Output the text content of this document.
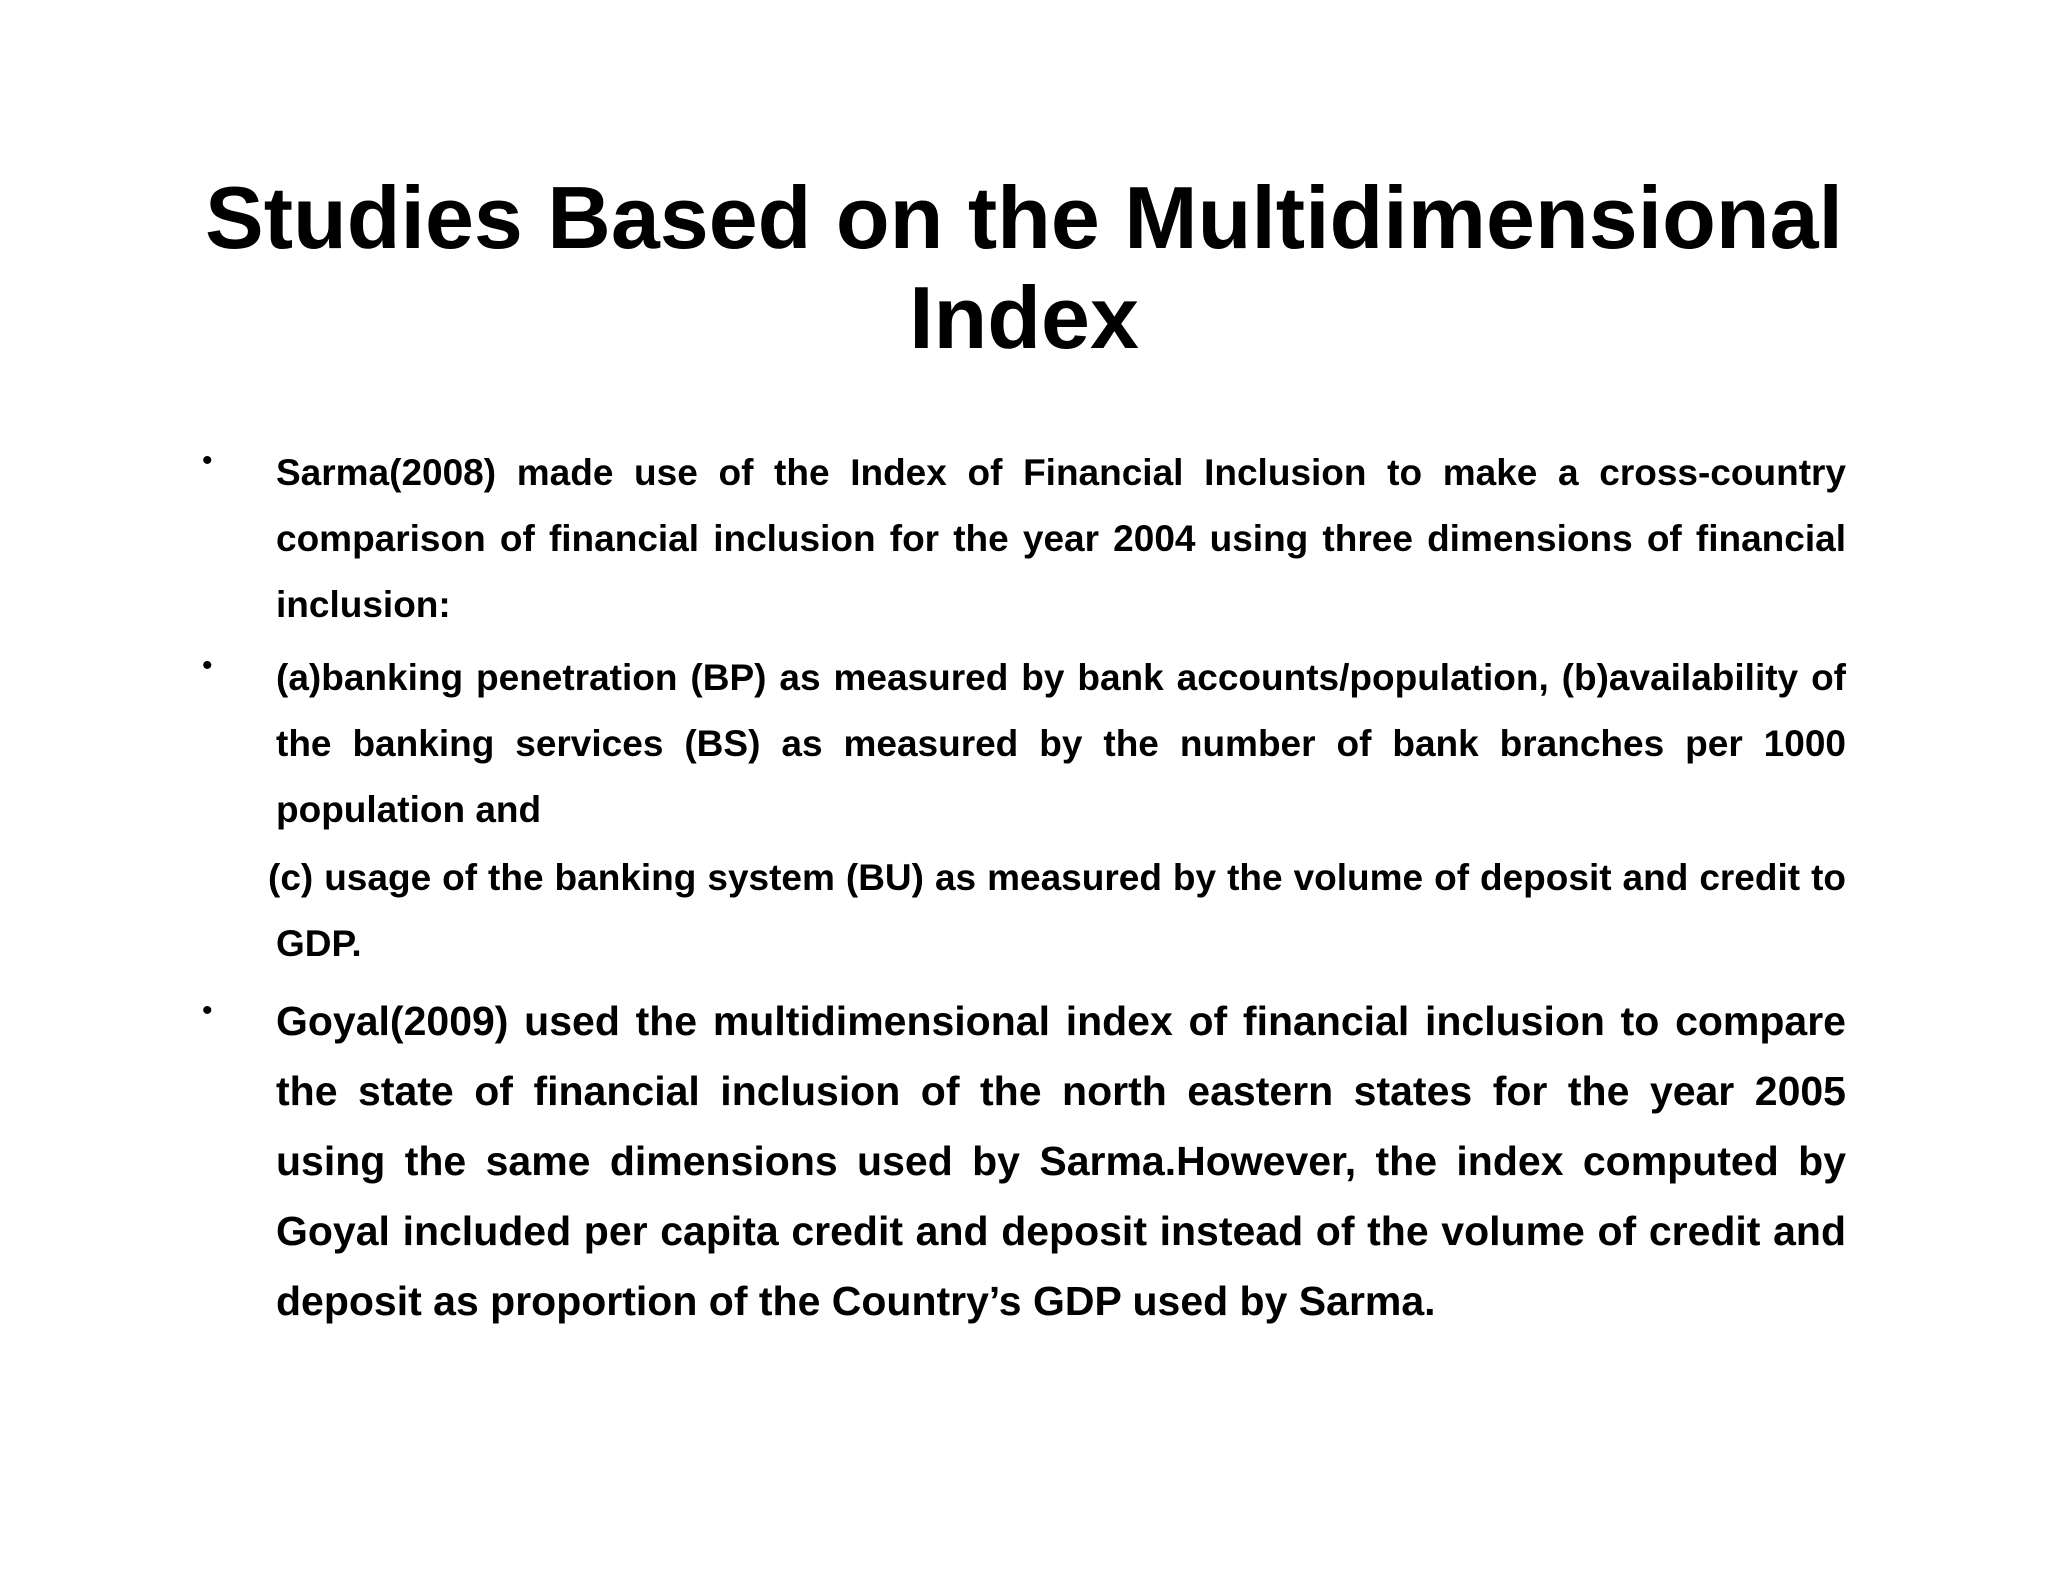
Studies Based on the Multidimensional Index
• Sarma(2008) made use of the Index of Financial Inclusion to make a cross-country comparison of financial inclusion for the year 2004 using three dimensions of financial inclusion:
• (a)banking penetration (BP) as measured by bank accounts/population, (b)availability of the banking services (BS) as measured by the number of bank branches per 1000 population and
(c) usage of the banking system (BU) as measured by the volume of deposit and credit to GDP.
• Goyal(2009) used the multidimensional index of financial inclusion to compare the state of financial inclusion of the north eastern states for the year 2005 using the same dimensions used by Sarma.However, the index computed by Goyal included per capita credit and deposit instead of the volume of credit and deposit as proportion of the Country’s GDP used by Sarma.
